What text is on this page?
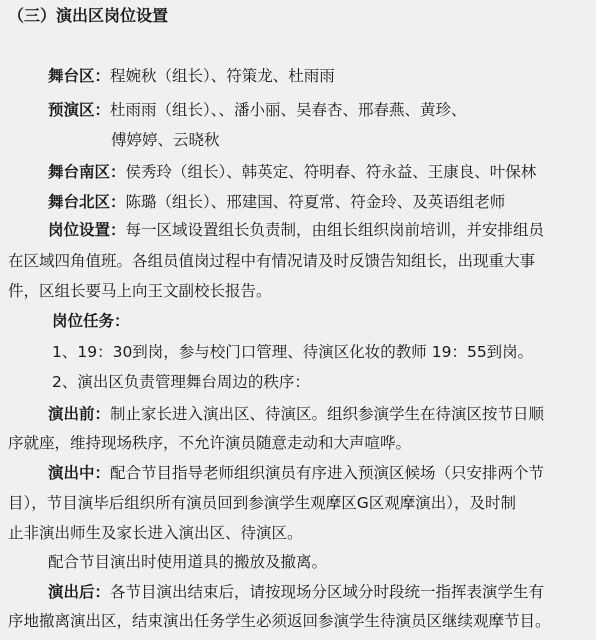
（三）演出区岗位设置
舞台区：程婉秋（组长）、符策龙、杜雨雨
预演区：杜雨雨（组长）、、潘小丽、吴春杏、邢春燕、黄珍、
傅婷婷、云晓秋
舞台南区：侯秀玲（组长）、韩英定、符明春、符永益、王康良、叶保林
舞台北区：陈璐（组长）、邢建国、符夏常、符金玲、及英语组老师
岗位设置：每一区域设置组长负责制，由组长组织岗前培训，并安排组员
在区域四角值班。各组员值岗过程中有情况请及时反馈告知组长，出现重大事
件，区组长要马上向王文副校长报告。
岗位任务：
1、19：30到岗，参与校门口管理、待演区化妆的教师 19：55到岗。
2、演出区负责管理舞台周边的秩序：
演出前：制止家长进入演出区、待演区。组织参演学生在待演区按节日顺
序就座，维持现场秩序，不允许演员随意走动和大声喧哗。
演出中：配合节目指导老师组织演员有序进入预演区候场（只安排两个节
目），节目演毕后组织所有演员回到参演学生观摩区G区观摩演出），及时制
止非演出师生及家长进入演出区、待演区。
配合节目演出时使用道具的搬放及撤离。
演出后：各节目演出结束后，请按现场分区域分时段统一指挥表演学生有
序地撤离演出区，结束演出任务学生必须返回参演学生待演员区继续观摩节目。
